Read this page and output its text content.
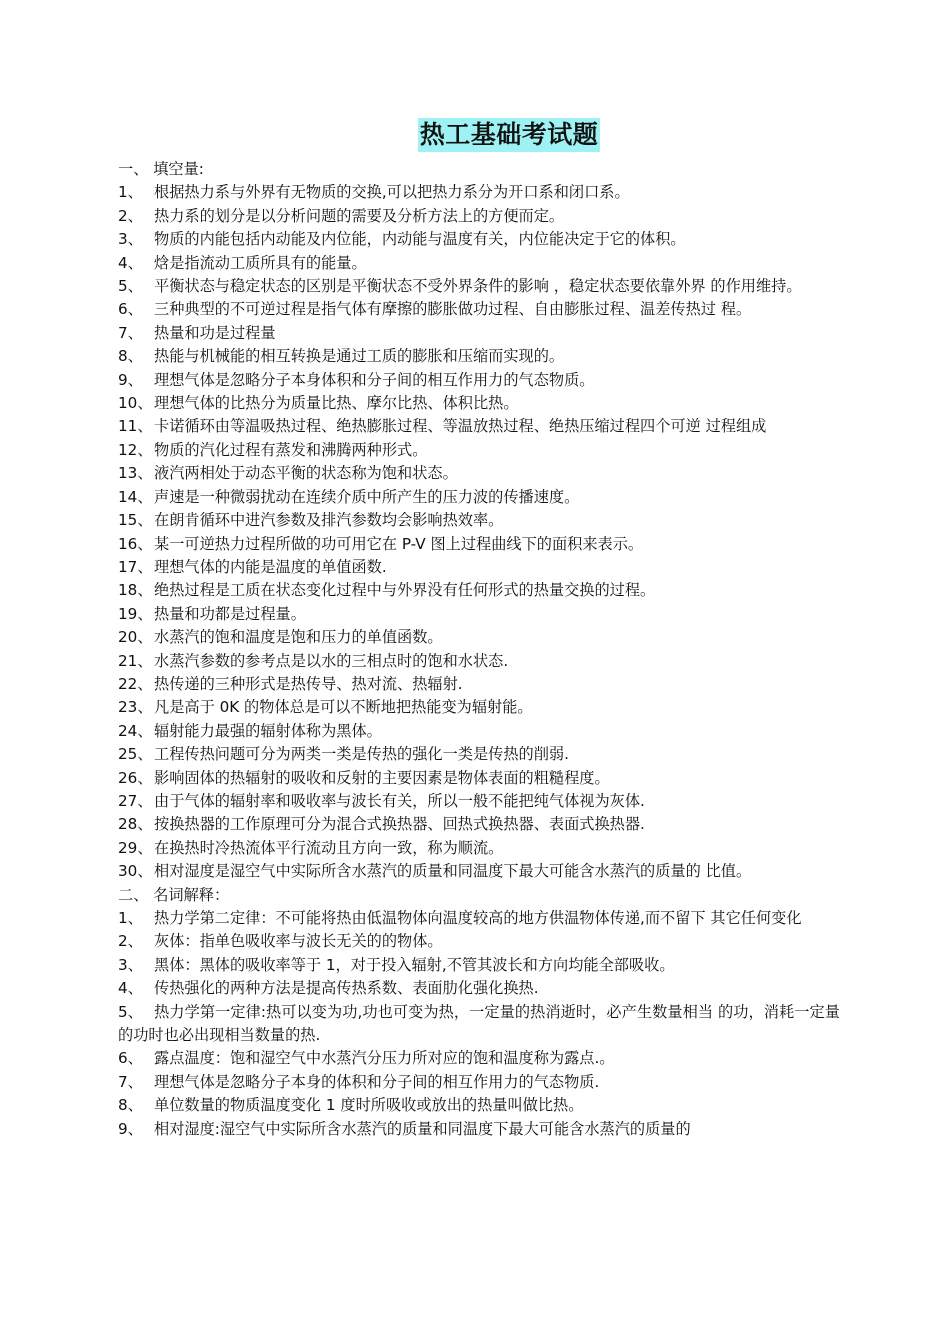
热工基础考试题
一、 填空量:
1、 根据热力系与外界有无物质的交换,可以把热力系分为开口系和闭口系。
2、 热力系的划分是以分析问题的需要及分析方法上的方便而定。
3、 物质的内能包括内动能及内位能，内动能与温度有关，内位能决定于它的体积。
4、 焓是指流动工质所具有的能量。
5、 平衡状态与稳定状态的区别是平衡状态不受外界条件的影响 ，稳定状态要依靠外界 的作用维持。
6、 三种典型的不可逆过程是指气体有摩擦的膨胀做功过程、自由膨胀过程、温差传热过 程。
7、 热量和功是过程量
8、 热能与机械能的相互转换是通过工质的膨胀和压缩而实现的。
9、 理想气体是忽略分子本身体积和分子间的相互作用力的气态物质。
10、理想气体的比热分为质量比热、摩尔比热、体积比热。
11、卡诺循环由等温吸热过程、绝热膨胀过程、等温放热过程、绝热压缩过程四个可逆 过程组成
12、物质的汽化过程有蒸发和沸腾两种形式。
13、液汽两相处于动态平衡的状态称为饱和状态。
14、声速是一种微弱扰动在连续介质中所产生的压力波的传播速度。
15、在朗肯循环中进汽参数及排汽参数均会影响热效率。
16、某一可逆热力过程所做的功可用它在 P-V 图上过程曲线下的面积来表示。
17、理想气体的内能是温度的单值函数.
18、绝热过程是工质在状态变化过程中与外界没有任何形式的热量交换的过程。
19、热量和功都是过程量。
20、水蒸汽的饱和温度是饱和压力的单值函数。
21、水蒸汽参数的参考点是以水的三相点时的饱和水状态.
22、热传递的三种形式是热传导、热对流、热辐射.
23、凡是高于 0K 的物体总是可以不断地把热能变为辐射能。
24、辐射能力最强的辐射体称为黑体。
25、工程传热问题可分为两类一类是传热的强化一类是传热的削弱.
26、影响固体的热辐射的吸收和反射的主要因素是物体表面的粗糙程度。
27、由于气体的辐射率和吸收率与波长有关，所以一般不能把纯气体视为灰体.
28、按换热器的工作原理可分为混合式换热器、回热式换热器、表面式换热器.
29、在换热时冷热流体平行流动且方向一致，称为顺流。
30、相对湿度是湿空气中实际所含水蒸汽的质量和同温度下最大可能含水蒸汽的质量的 比值。
二、 名词解释：
1、 热力学第二定律：不可能将热由低温物体向温度较高的地方供温物体传递,而不留下 其它任何变化
2、 灰体：指单色吸收率与波长无关的的物体。
3、 黑体：黑体的吸收率等于 1，对于投入辐射,不管其波长和方向均能全部吸收。
4、 传热强化的两种方法是提高传热系数、表面肋化强化换热.
5、 热力学第一定律:热可以变为功,功也可变为热，一定量的热消逝时，必产生数量相当 的功，消耗一定量的功时也必出现相当数量的热.
6、 露点温度：饱和湿空气中水蒸汽分压力所对应的饱和温度称为露点.。
7、 理想气体是忽略分子本身的体积和分子间的相互作用力的气态物质.
8、 单位数量的物质温度变化 1 度时所吸收或放出的热量叫做比热。
9、 相对湿度:湿空气中实际所含水蒸汽的质量和同温度下最大可能含水蒸汽的质量的
